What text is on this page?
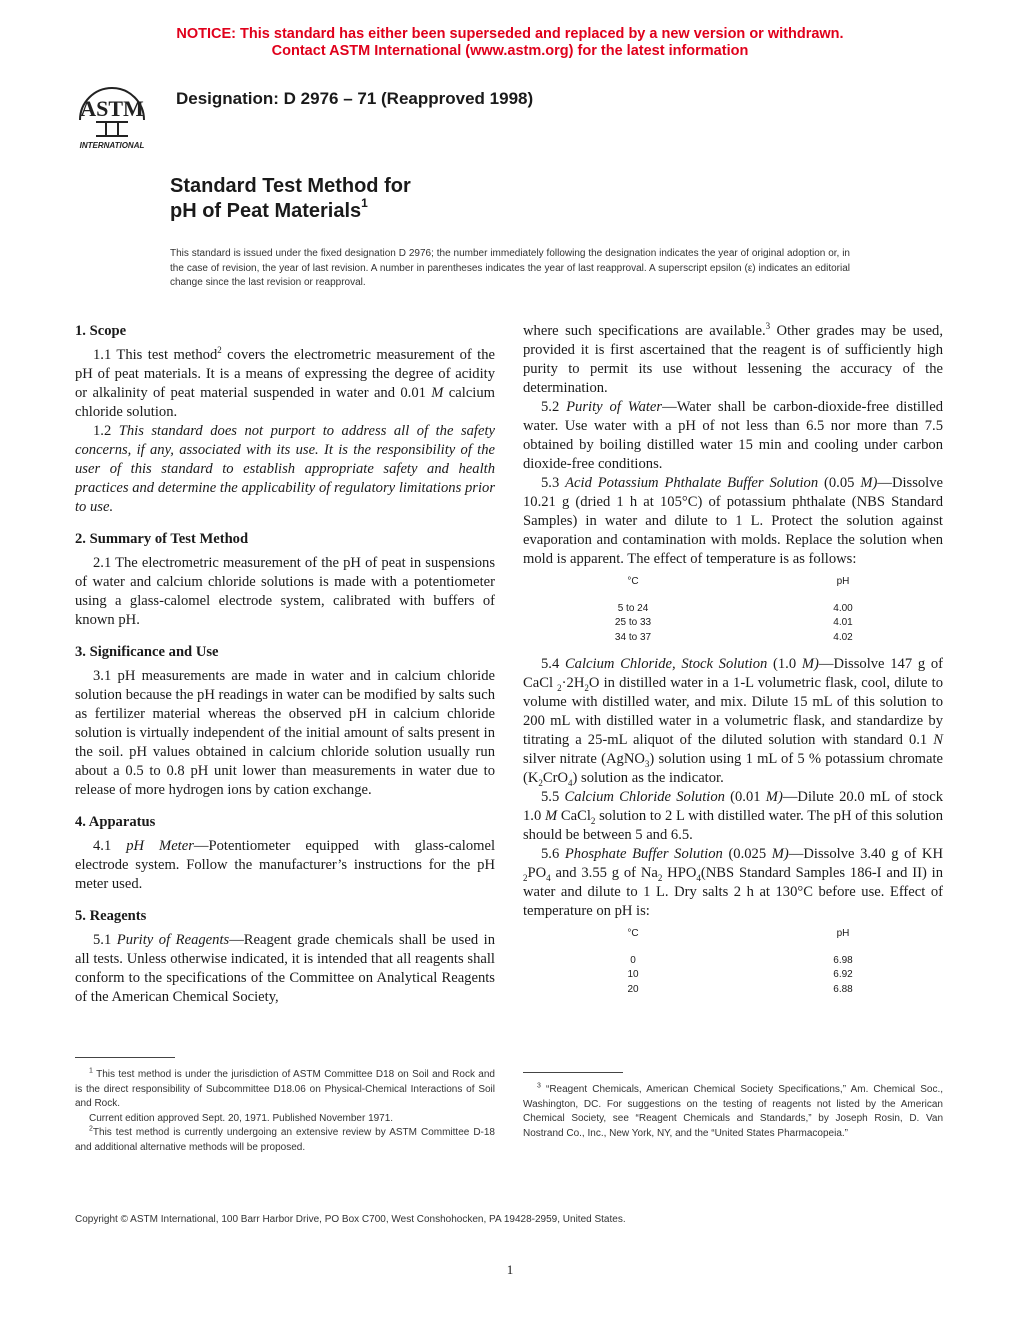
NOTICE: This standard has either been superseded and replaced by a new version or withdrawn.
Contact ASTM International (www.astm.org) for the latest information
ASTM
INTERNATIONAL
Designation: D 2976 – 71 (Reapproved 1998)
Standard Test Method for
pH of Peat Materials$^1$
This standard is issued under the fixed designation D 2976; the number immediately following the designation indicates the year of original adoption or, in the case of revision, the year of last revision. A number in parentheses indicates the year of last reapproval. A superscript epsilon (ε) indicates an editorial change since the last revision or reapproval.
1. Scope

1.1 This test method$^2$ covers the electrometric measurement of the pH of peat materials. It is a means of expressing the degree of acidity or alkalinity of peat material suspended in water and 0.01 M calcium chloride solution.

1.2 This standard does not purport to address all of the safety concerns, if any, associated with its use. It is the responsibility of the user of this standard to establish appropriate safety and health practices and determine the applicability of regulatory limitations prior to use.

2. Summary of Test Method

2.1 The electrometric measurement of the pH of peat in suspensions of water and calcium chloride solutions is made with a potentiometer using a glass-calomel electrode system, calibrated with buffers of known pH.

3. Significance and Use

3.1 pH measurements are made in water and in calcium chloride solution because the pH readings in water can be modified by salts such as fertilizer material whereas the observed pH in calcium chloride solution is virtually independent of the initial amount of salts present in the soil. pH values obtained in calcium chloride solution usually run about a 0.5 to 0.8 pH unit lower than measurements in water due to release of more hydrogen ions by cation exchange.

4. Apparatus

4.1 pH Meter—Potentiometer equipped with glass-calomel electrode system. Follow the manufacturer’s instructions for the pH meter used.

5. Reagents

5.1 Purity of Reagents—Reagent grade chemicals shall be used in all tests. Unless otherwise indicated, it is intended that all reagents shall conform to the specifications of the Committee on Analytical Reagents of the American Chemical Society,

where such specifications are available.$^3$ Other grades may be used, provided it is first ascertained that the reagent is of sufficiently high purity to permit its use without lessening the accuracy of the determination.

5.2 Purity of Water—Water shall be carbon-dioxide-free distilled water. Use water with a pH of not less than 6.5 nor more than 7.5 obtained by boiling distilled water 15 min and cooling under carbon dioxide-free conditions.

5.3 Acid Potassium Phthalate Buffer Solution (0.05 M)—Dissolve 10.21 g (dried 1 h at 105°C) of potassium phthalate (NBS Standard Samples) in water and dilute to 1 L. Protect the solution against evaporation and contamination with molds. Replace the solution when mold is apparent. The effect of temperature is as follows:

°C	pH
5 to 24	4.00
25 to 33	4.01
34 to 37	4.02

5.4 Calcium Chloride, Stock Solution (1.0 M)—Dissolve 147 g of CaCl $_2\cdot 2H_2O$ in distilled water in a 1-L volumetric flask, cool, dilute to volume with distilled water, and mix. Dilute 15 mL of this solution to 200 mL with distilled water in a volumetric flask, and standardize by titrating a 25-mL aliquot of the diluted solution with standard 0.1 N silver nitrate (AgNO$_3$) solution using 1 mL of 5 % potassium chromate $(K_2CrO_4)$ solution as the indicator.

5.5 Calcium Chloride Solution (0.01 M)—Dilute 20.0 mL of stock 1.0 M CaCl$_2$ solution to 2 L with distilled water. The pH of this solution should be between 5 and 6.5.

5.6 Phosphate Buffer Solution (0.025 M)—Dissolve 3.40 g of KH $_2PO_4$ and 3.55 g of $Na_2$ $HPO_4(NBS$ Standard Samples 186-I and II) in water and dilute to 1 L. Dry salts 2 h at 130°C before use. Effect of temperature on pH is:

°C	pH
0	6.98
10	6.92
20	6.88

$^1$ This test method is under the jurisdiction of ASTM Committee D18 on Soil and Rock and is the direct responsibility of Subcommittee D18.06 on Physical-Chemical Interactions of Soil and Rock.

Current edition approved Sept. 20, 1971. Published November 1971.

$^2$This test method is currently undergoing an extensive review by ASTM Committee D-18 and additional alternative methods will be proposed.

$^3$ “Reagent Chemicals, American Chemical Society Specifications,” Am. Chemical Soc., Washington, DC. For suggestions on the testing of reagents not listed by the American Chemical Society, see “Reagent Chemicals and Standards,” by Joseph Rosin, D. Van Nostrand Co., Inc., New York, NY, and the “United States Pharmacopeia.”

Copyright © ASTM International, 100 Barr Harbor Drive, PO Box C700, West Conshohocken, PA 19428-2959, United States.
1
